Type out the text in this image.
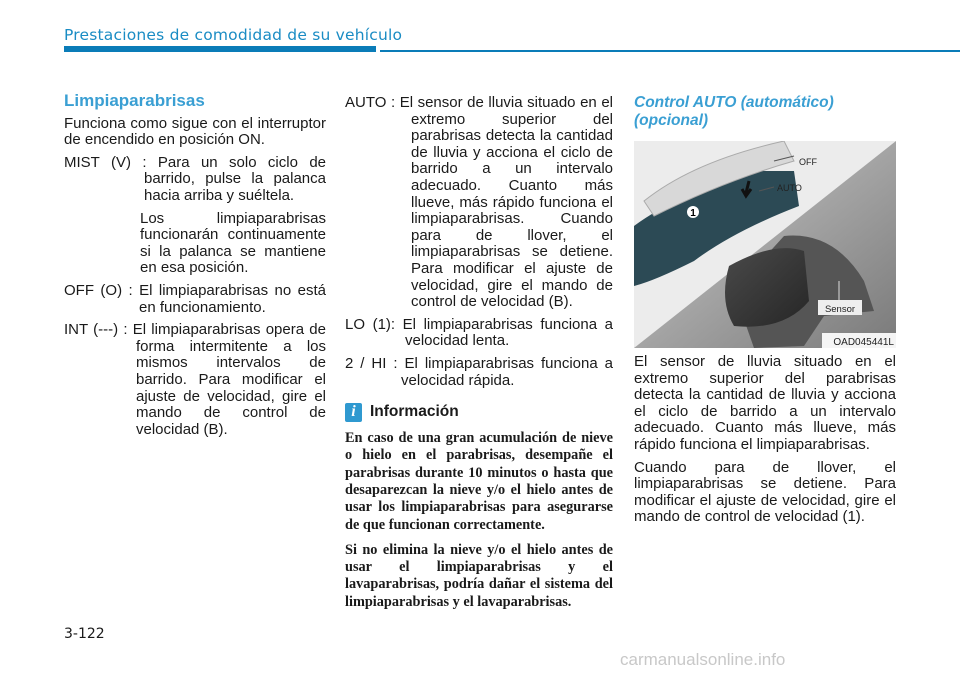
Prestaciones de comodidad de su vehículo
Limpiaparabrisas

Funciona como sigue con el interruptor de encendido en posición ON.

MIST (V) : Para un solo ciclo de barrido, pulse la palanca hacia arriba y suéltela.

Los limpiaparabrisas funcionarán continuamente si la palanca se mantiene en esa posición.

OFF (O) : El limpiaparabrisas no está en funcionamiento.

INT (---) : El limpiaparabrisas opera de forma intermitente a los mismos intervalos de barrido. Para modificar el ajuste de velocidad, gire el mando de control de velocidad (B).

AUTO : El sensor de lluvia situado en el extremo superior del parabrisas detecta la cantidad de lluvia y acciona el ciclo de barrido a un intervalo adecuado. Cuanto más llueve, más rápido funciona el limpiaparabrisas. Cuando para de llover, el limpiaparabrisas se detiene. Para modificar el ajuste de velocidad, gire el mando de control de velocidad (B).

LO (1): El limpiaparabrisas funciona a velocidad lenta.

2 / HI : El limpiaparabrisas funciona a velocidad rápida.

i Información

En caso de una gran acumulación de nieve o hielo en el parabrisas, desempañe el parabrisas durante 10 minutos o hasta que desaparezcan la nieve y/o el hielo antes de usar los limpiaparabrisas para asegurarse de que funcionan correctamente.

Si no elimina la nieve y/o el hielo antes de usar el limpiaparabrisas y el lavaparabrisas, podría dañar el sistema del limpiaparabrisas y el lavaparabrisas.

Control AUTO (automático) (opcional)
1
OFF
AUTO
Sensor
OAD045441L

El sensor de lluvia situado en el extremo superior del parabrisas detecta la cantidad de lluvia y acciona el ciclo de barrido a un intervalo adecuado. Cuanto más llueve, más rápido funciona el limpiaparabrisas.

Cuando para de llover, el limpiaparabrisas se detiene. Para modificar el ajuste de velocidad, gire el mando de control de velocidad (1).

3-122
carmanualsonline.info
